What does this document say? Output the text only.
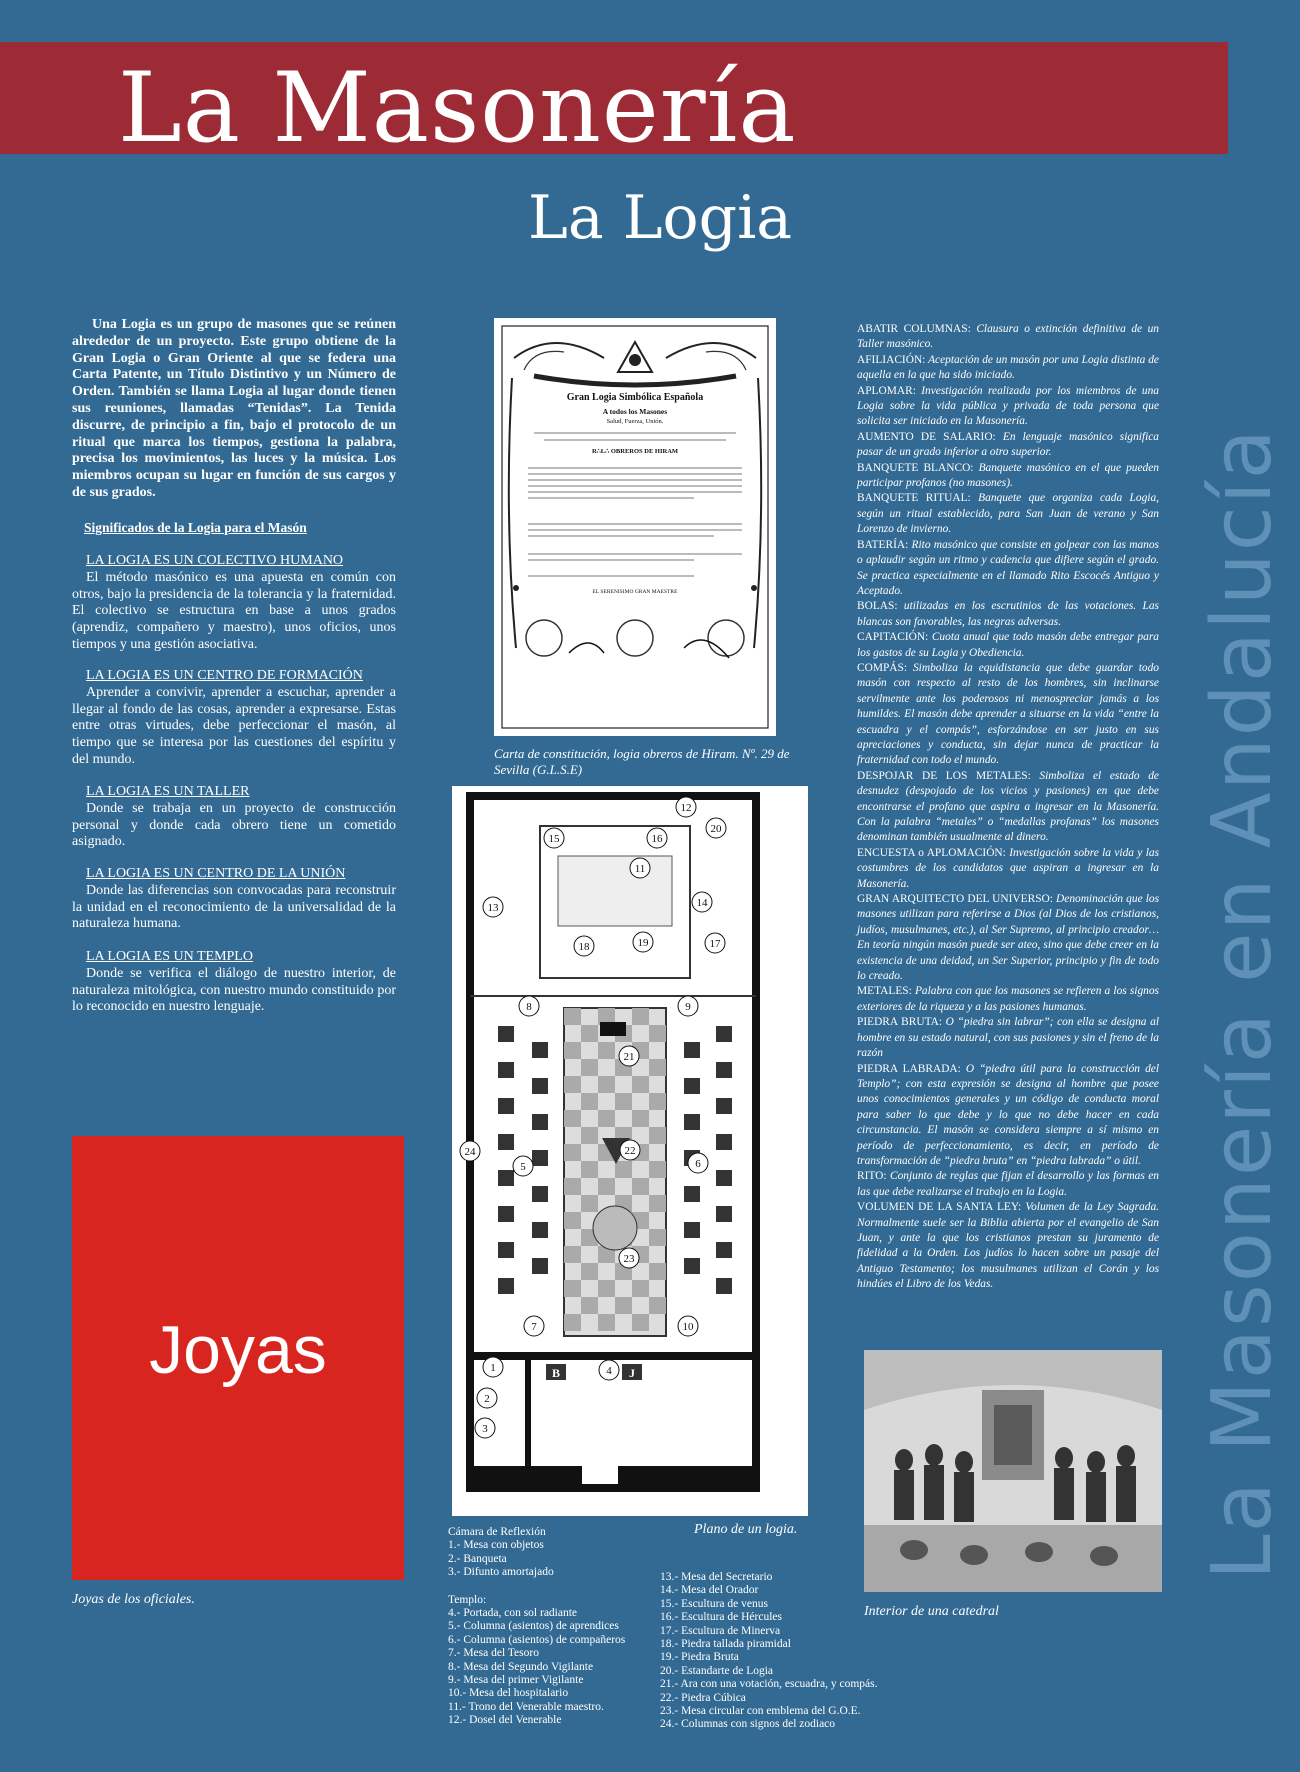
La Masonería
La Logia
La Masonería en Andalucía

Una Logia es un grupo de masones que se reúnen alrededor de un proyecto. Este grupo obtiene de la Gran Logia o Gran Oriente al que se federa una Carta Patente, un Título Distintivo y un Número de Orden. También se llama Logia al lugar donde tienen sus reuniones, llamadas “Tenidas”. La Tenida discurre, de principio a fin, bajo el protocolo de un ritual que marca los tiempos, gestiona la palabra, precisa los movimientos, las luces y la música. Los miembros ocupan su lugar en función de sus cargos y de sus grados.

Significados de la Logia para el Masón
LA LOGIA ES UN COLECTIVO HUMANO
El método masónico es una apuesta en común con otros, bajo la presidencia de la tolerancia y la fraternidad. El colectivo se estructura en base a unos grados (aprendiz, compañero y maestro), unos oficios, unos tiempos y una gestión asociativa.
LA LOGIA ES UN CENTRO DE FORMACIÓN
Aprender a convivir, aprender a escuchar, aprender a llegar al fondo de las cosas, aprender a expresarse. Estas entre otras virtudes, debe perfeccionar el masón, al tiempo que se interesa por las cuestiones del espíritu y del mundo.
LA LOGIA ES UN TALLER
Donde se trabaja en un proyecto de construcción personal y donde cada obrero tiene un cometido asignado.
LA LOGIA ES UN CENTRO DE LA UNIÓN
Donde las diferencias son convocadas para reconstruir la unidad en el reconocimiento de la universalidad de la naturaleza humana.
LA LOGIA ES UN TEMPLO
Donde se verifica el diálogo de nuestro interior, de naturaleza mitológica, con nuestro mundo constituido por lo reconocido en nuestro lenguaje.
Joyas
Joyas de los oficiales.
Gran Logia Simbólica Española
A todos los Masones
Salud, Fuerza, Unión.
R∴L∴ OBREROS DE HIRAM
EL SERENISIMO GRAN MAESTRE
Carta de constitución, logia obreros de Hiram. Nº. 29 de Sevilla (G.L.S.E)
B	J
1
2
3
4
5	6
7
8	9
10
11
12
13	14
15	16
17
18	19
20
21
22
23
24
Plano de un logia.
Cámara de Reflexión
1.- Mesa con objetos
2.- Banqueta
3.- Difunto amortajado
Templo:
4.- Portada, con sol radiante
5.- Columna (asientos) de aprendices
6.- Columna (asientos) de compañeros
7.- Mesa del Tesoro
8.- Mesa del Segundo Vigilante
9.- Mesa del primer Vigilante
10.- Mesa del hospitalario
11.- Trono del Venerable maestro.
12.- Dosel del Venerable
13.- Mesa del Secretario
14.- Mesa del Orador
15.- Escultura de venus
16.- Escultura de Hércules
17.- Escultura de Minerva
18.- Piedra tallada piramidal
19.- Piedra Bruta
20.- Estandarte de Logia
21.- Ara con una votación, escuadra, y compás.
22.- Piedra Cúbica
23.- Mesa circular con emblema del G.O.E.
24.- Columnas con signos del zodiaco
ABATIR COLUMNAS: Clausura o extinción definitiva de un Taller masónico.
AFILIACIÓN: Aceptación de un masón por una Logia distinta de aquella en la que ha sido iniciado.
APLOMAR: Investigación realizada por los miembros de una Logia sobre la vida pública y privada de toda persona que solicita ser iniciado en la Masonería.
AUMENTO DE SALARIO: En lenguaje masónico significa pasar de un grado inferior a otro superior.
BANQUETE BLANCO: Banquete masónico en el que pueden participar profanos (no masones).
BANQUETE RITUAL: Banquete que organiza cada Logia, según un ritual establecido, para San Juan de verano y San Lorenzo de invierno.
BATERÍA: Rito masónico que consiste en golpear con las manos o aplaudir según un ritmo y cadencia que difiere según el grado. Se practica especialmente en el llamado Rito Escocés Antiguo y Aceptado.
BOLAS: utilizadas en los escrutinios de las votaciones. Las blancas son favorables, las negras adversas.
CAPITACIÓN: Cuota anual que todo masón debe entregar para los gastos de su Logia y Obediencia.
COMPÁS: Simboliza la equidistancia que debe guardar todo masón con respecto al resto de los hombres, sin inclinarse servilmente ante los poderosos ni menospreciar jamás a los humildes. El masón debe aprender a situarse en la vida “entre la escuadra y el compás”, esforzándose en ser justo en sus apreciaciones y conducta, sin dejar nunca de practicar la fraternidad con todo el mundo.
DESPOJAR DE LOS METALES: Simboliza el estado de desnudez (despojado de los vicios y pasiones) en que debe encontrarse el profano que aspira a ingresar en la Masonería. Con la palabra “metales” o “medallas profanas” los masones denominan también usualmente al dinero.
ENCUESTA o APLOMACIÓN: Investigación sobre la vida y las costumbres de los candidatos que aspiran a ingresar en la Masonería.
GRAN ARQUITECTO DEL UNIVERSO: Denominación que los masones utilizan para referirse a Dios (al Dios de los cristianos, judíos, musulmanes, etc.), al Ser Supremo, al principio creador… En teoría ningún masón puede ser ateo, sino que debe creer en la existencia de una deidad, un Ser Superior, principio y fin de todo lo creado.
METALES: Palabra con que los masones se refieren a los signos exteriores de la riqueza y a las pasiones humanas.
PIEDRA BRUTA: O “piedra sin labrar”; con ella se designa al hombre en su estado natural, con sus pasiones y sin el freno de la razón
PIEDRA LABRADA: O “piedra útil para la construcción del Templo”; con esta expresión se designa al hombre que posee unos conocimientos generales y un código de conducta moral para saber lo que debe y lo que no debe hacer en cada circunstancia. El masón se considera siempre a sí mismo en período de perfeccionamiento, es decir, en período de transformación de “piedra bruta” en “piedra labrada” o útil.
RITO: Conjunto de reglas que fijan el desarrollo y las formas en las que debe realizarse el trabajo en la Logia.
VOLUMEN DE LA SANTA LEY: Volumen de la Ley Sagrada. Normalmente suele ser la Biblia abierta por el evangelio de San Juan, y ante la que los cristianos prestan su juramento de fidelidad a la Orden. Los judíos lo hacen sobre un pasaje del Antiguo Testamento; los musulmanes utilizan el Corán y los hindúes el Libro de los Vedas.
Interior de una catedral
